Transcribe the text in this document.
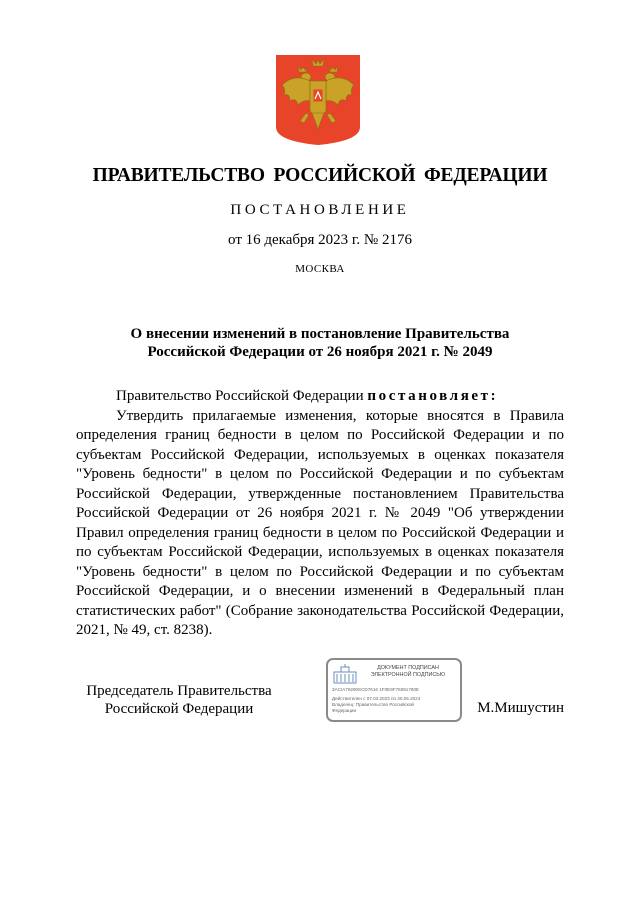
ПРАВИТЕЛЬСТВО РОССИЙСКОЙ ФЕДЕРАЦИИ
ПОСТАНОВЛЕНИЕ
от 16 декабря 2023 г. № 2176
МОСКВА
О внесении изменений в постановление Правительства
Российской Федерации от 26 ноября 2021 г. № 2049

Правительство Российской Федерации постановляет:

Утвердить прилагаемые изменения, которые вносятся в Правила определения границ бедности в целом по Российской Федерации и по субъектам Российской Федерации, используемых в оценках показателя "Уровень бедности" в целом по Российской Федерации и по субъектам Российской Федерации, утвержденные постановлением Правительства Российской Федерации от 26 ноября 2021 г. № 2049 "Об утверждении Правил определения границ бедности в целом по Российской Федерации и по субъектам Российской Федерации, используемых в оценках показателя "Уровень бедности" в целом по Российской Федерации и по субъектам Российской Федерации, и о внесении изменений в Федеральный план статистических работ" (Собрание законодательства Российской Федерации, 2021, № 49, ст. 8238).

Председатель Правительства
Российской Федерации
ДОКУМЕНТ ПОДПИСАН
ЭЛЕКТРОННОЙ ПОДПИСЬЮ
3ACIA79290SCD7616 1F0E9F76091780E
Действителен с 07.03.2023 по 30.05.2024
Владелец: Правительство Российской
Федерации	М.Мишустин
